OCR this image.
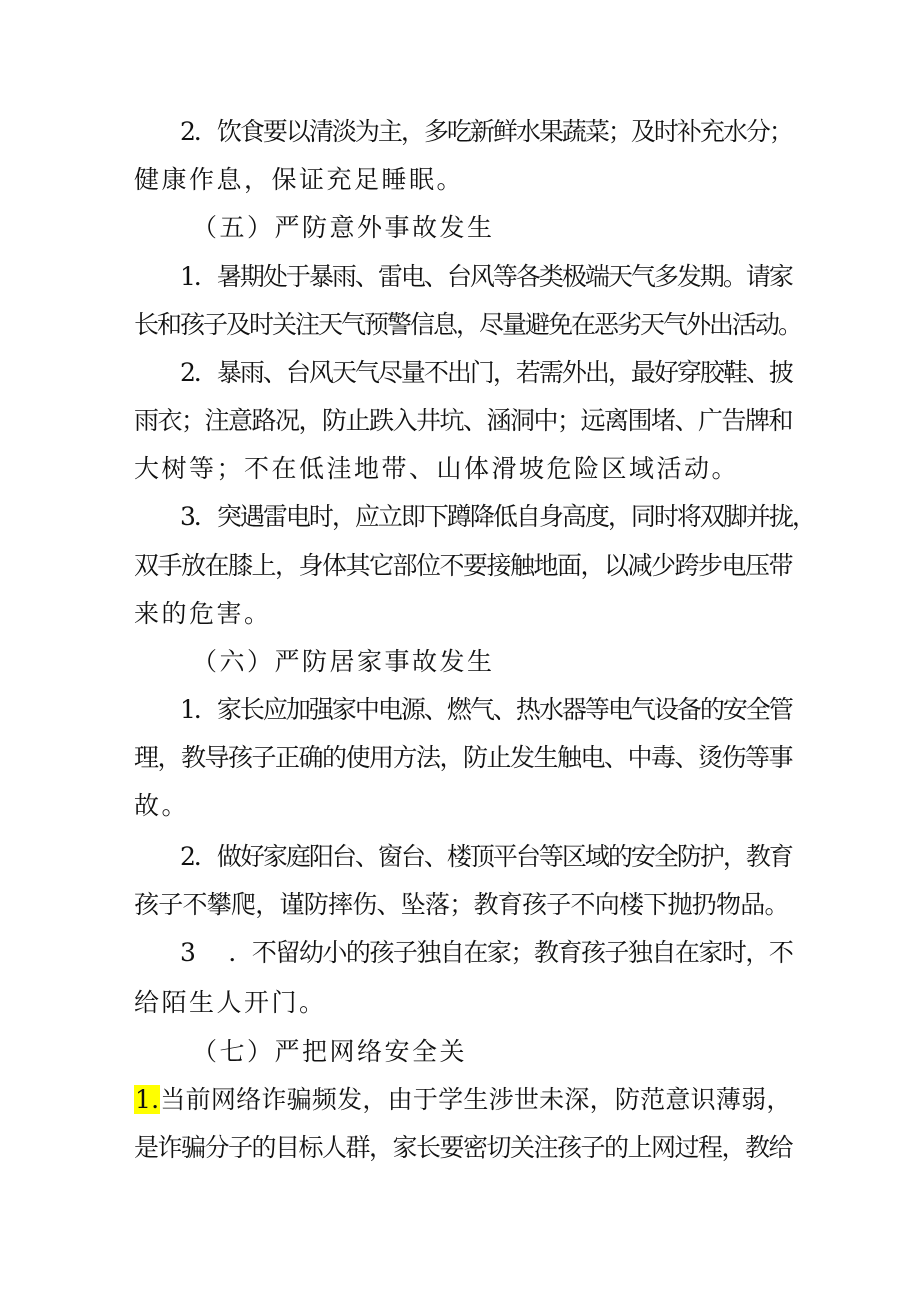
2．饮食要以清淡为主，多吃新鲜水果蔬菜；及时补充水分；
健康作息，保证充足睡眠。
（五）严防意外事故发生
1．暑期处于暴雨、雷电、台风等各类极端天气多发期。请家
长和孩子及时关注天气预警信息，尽量避免在恶劣天气外出活动。
2．暴雨、台风天气尽量不出门，若需外出，最好穿胶鞋、披
雨衣；注意路况，防止跌入井坑、涵洞中；远离围堵、广告牌和
大树等；不在低洼地带、山体滑坡危险区域活动。
3．突遇雷电时，应立即下蹲降低自身高度，同时将双脚并拢，
双手放在膝上，身体其它部位不要接触地面，以减少跨步电压带
来的危害。
（六）严防居家事故发生
1．家长应加强家中电源、燃气、热水器等电气设备的安全管
理，教导孩子正确的使用方法，防止发生触电、中毒、烫伤等事
故。
2．做好家庭阳台、窗台、楼顶平台等区域的安全防护，教育
孩子不攀爬，谨防摔伤、坠落；教育孩子不向楼下抛扔物品。
3 ．不留幼小的孩子独自在家；教育孩子独自在家时，不
给陌生人开门。
（七）严把网络安全关
1.当前网络诈骗频发，由于学生涉世未深，防范意识薄弱，
是诈骗分子的目标人群，家长要密切关注孩子的上网过程，教给
